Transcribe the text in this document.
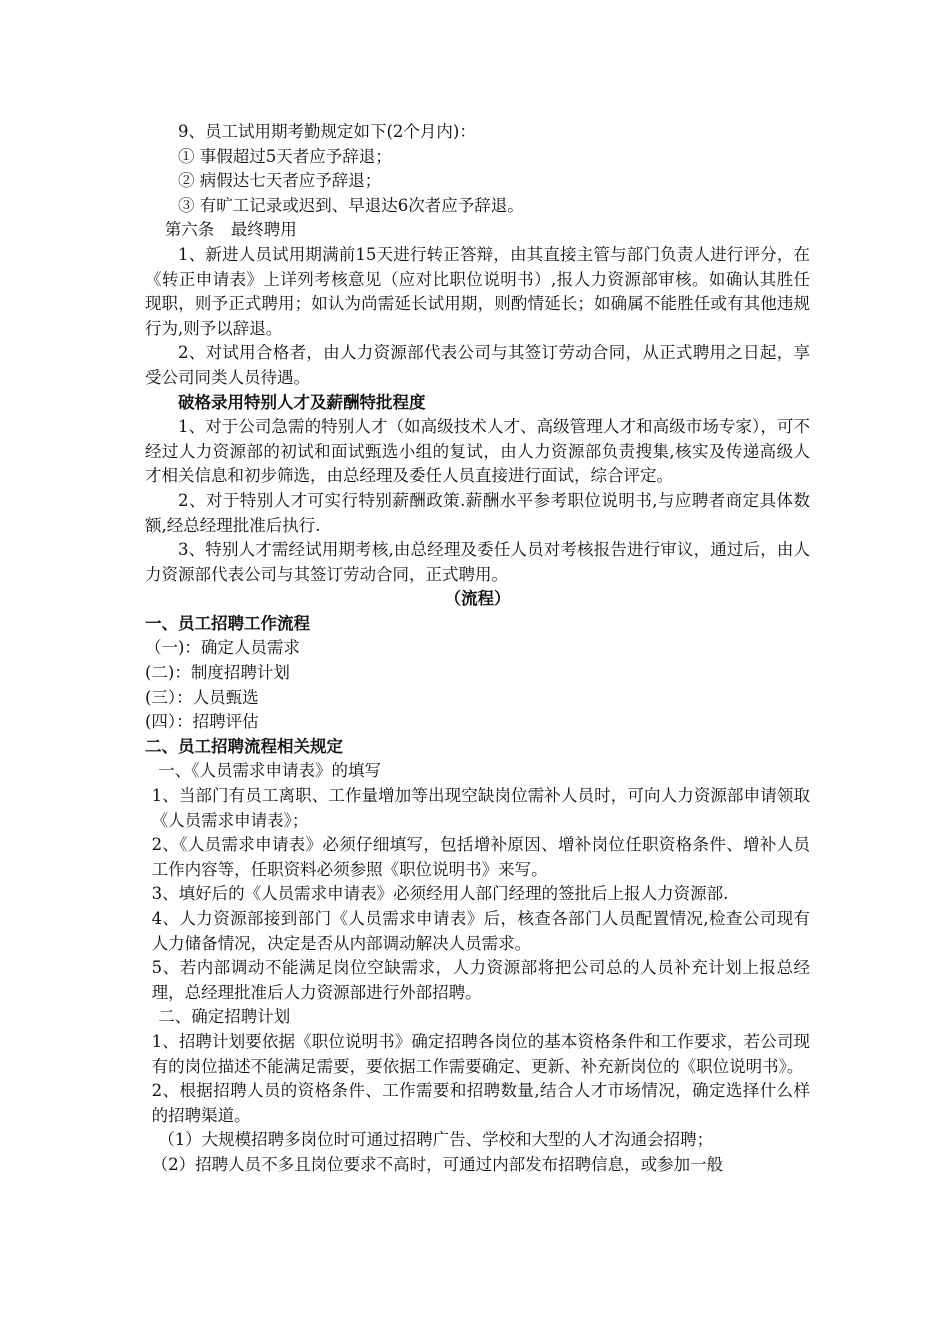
9、员工试用期考勤规定如下(2个月内)：

① 事假超过5天者应予辞退；

② 病假达七天者应予辞退；

③ 有旷工记录或迟到、早退达6次者应予辞退。

第六条　最终聘用

1、新进人员试用期满前15天进行转正答辩，由其直接主管与部门负责人进行评分，在《转正申请表》上详列考核意见（应对比职位说明书）,报人力资源部审核。如确认其胜任现职，则予正式聘用；如认为尚需延长试用期，则酌情延长；如确属不能胜任或有其他违规行为,则予以辞退。

2、对试用合格者，由人力资源部代表公司与其签订劳动合同，从正式聘用之日起，享受公司同类人员待遇。

破格录用特别人才及薪酬特批程度

1、对于公司急需的特别人才（如高级技术人才、高级管理人才和高级市场专家），可不经过人力资源部的初试和面试甄选小组的复试，由人力资源部负责搜集,核实及传递高级人才相关信息和初步筛选，由总经理及委任人员直接进行面试，综合评定。

2、对于特别人才可实行特别薪酬政策.薪酬水平参考职位说明书,与应聘者商定具体数额,经总经理批准后执行.

3、特别人才需经试用期考核,由总经理及委任人员对考核报告进行审议，通过后，由人力资源部代表公司与其签订劳动合同，正式聘用。

（流程）

一、员工招聘工作流程

（一)：确定人员需求

(二)：制度招聘计划

(三）：人员甄选

(四）：招聘评估

二、员工招聘流程相关规定

一、《人员需求申请表》的填写

1、当部门有员工离职、工作量增加等出现空缺岗位需补人员时，可向人力资源部申请领取《人员需求申请表》；

2、《人员需求申请表》必须仔细填写，包括增补原因、增补岗位任职资格条件、增补人员工作内容等，任职资料必须参照《职位说明书》来写。

3、填好后的《人员需求申请表》必须经用人部门经理的签批后上报人力资源部.

4、人力资源部接到部门《人员需求申请表》后，核查各部门人员配置情况,检查公司现有人力储备情况，决定是否从内部调动解决人员需求。

5、若内部调动不能满足岗位空缺需求，人力资源部将把公司总的人员补充计划上报总经理，总经理批准后人力资源部进行外部招聘。

二、确定招聘计划

1、招聘计划要依据《职位说明书》确定招聘各岗位的基本资格条件和工作要求，若公司现有的岗位描述不能满足需要，要依据工作需要确定、更新、补充新岗位的《职位说明书》。

2、根据招聘人员的资格条件、工作需要和招聘数量,结合人才市场情况，确定选择什么样的招聘渠道。

（1）大规模招聘多岗位时可通过招聘广告、学校和大型的人才沟通会招聘；

（2）招聘人员不多且岗位要求不高时，可通过内部发布招聘信息，或参加一般
